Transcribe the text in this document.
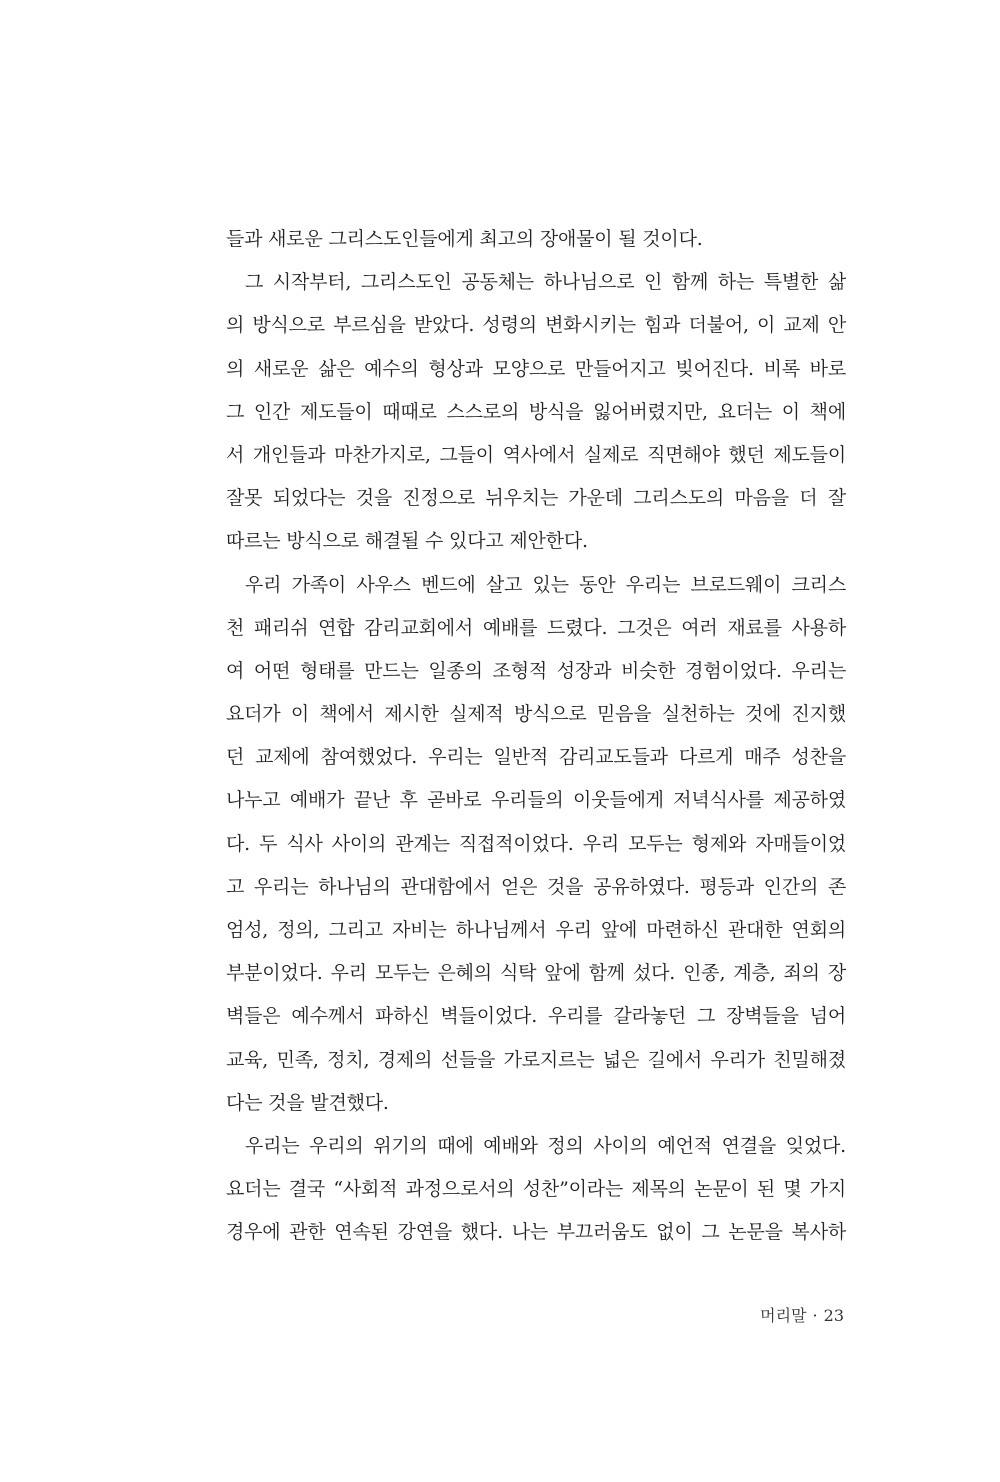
들과 새로운 그리스도인들에게 최고의 장애물이 될 것이다.
그 시작부터, 그리스도인 공동체는 하나님으로 인 함께 하는 특별한 삶
의 방식으로 부르심을 받았다. 성령의 변화시키는 힘과 더불어, 이 교제 안
의 새로운 삶은 예수의 형상과 모양으로 만들어지고 빚어진다. 비록 바로
그 인간 제도들이 때때로 스스로의 방식을 잃어버렸지만, 요더는 이 책에
서 개인들과 마찬가지로, 그들이 역사에서 실제로 직면해야 했던 제도들이
잘못 되었다는 것을 진정으로 뉘우치는 가운데 그리스도의 마음을 더 잘
따르는 방식으로 해결될 수 있다고 제안한다.
우리 가족이 사우스 벤드에 살고 있는 동안 우리는 브로드웨이 크리스
천 패리쉬 연합 감리교회에서 예배를 드렸다. 그것은 여러 재료를 사용하
여 어떤 형태를 만드는 일종의 조형적 성장과 비슷한 경험이었다. 우리는
요더가 이 책에서 제시한 실제적 방식으로 믿음을 실천하는 것에 진지했
던 교제에 참여했었다. 우리는 일반적 감리교도들과 다르게 매주 성찬을
나누고 예배가 끝난 후 곧바로 우리들의 이웃들에게 저녁식사를 제공하였
다. 두 식사 사이의 관계는 직접적이었다. 우리 모두는 형제와 자매들이었
고 우리는 하나님의 관대함에서 얻은 것을 공유하였다. 평등과 인간의 존
엄성, 정의, 그리고 자비는 하나님께서 우리 앞에 마련하신 관대한 연회의
부분이었다. 우리 모두는 은혜의 식탁 앞에 함께 섰다. 인종, 계층, 죄의 장
벽들은 예수께서 파하신 벽들이었다. 우리를 갈라놓던 그 장벽들을 넘어
교육, 민족, 정치, 경제의 선들을 가로지르는 넓은 길에서 우리가 친밀해졌
다는 것을 발견했다.
우리는 우리의 위기의 때에 예배와 정의 사이의 예언적 연결을 잊었다.
요더는 결국 “사회적 과정으로서의 성찬”이라는 제목의 논문이 된 몇 가지
경우에 관한 연속된 강연을 했다. 나는 부끄러움도 없이 그 논문을 복사하
머리말 · 23
